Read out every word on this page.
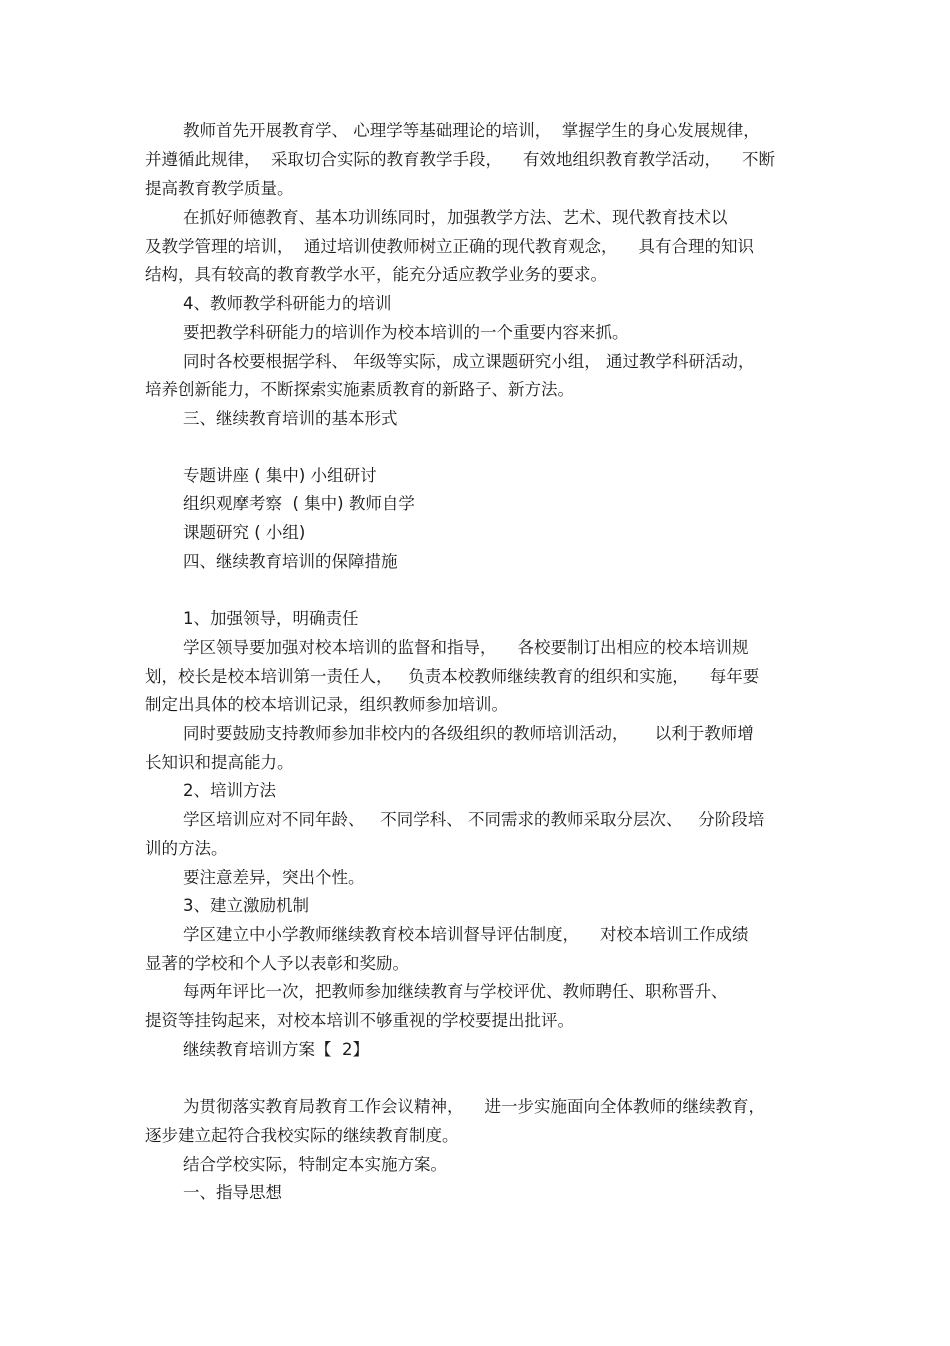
教师首先开展教育学、 心理学等基础理论的培训，  掌握学生的身心发展规律，

并遵循此规律，  采取切合实际的教育教学手段，    有效地组织教育教学活动，    不断

提高教育教学质量。

在抓好师德教育、基本功训练同时，加强教学方法、艺术、现代教育技术以

及教学管理的培训，  通过培训使教师树立正确的现代教育观念，    具有合理的知识

结构，具有较高的教育教学水平，能充分适应教学业务的要求。

4、教师教学科研能力的培训

要把教学科研能力的培训作为校本培训的一个重要内容来抓。

同时各校要根据学科、 年级等实际，成立课题研究小组， 通过教学科研活动，

培养创新能力，不断探索实施素质教育的新路子、新方法。

三、继续教育培训的基本形式

专题讲座 ( 集中) 小组研讨

组织观摩考察  ( 集中) 教师自学

课题研究 ( 小组)

四、继续教育培训的保障措施

1、加强领导，明确责任

学区领导要加强对校本培训的监督和指导，    各校要制订出相应的校本培训规

划，校长是校本培训第一责任人，   负责本校教师继续教育的组织和实施，    每年要

制定出具体的校本培训记录，组织教师参加培训。

同时要鼓励支持教师参加非校内的各级组织的教师培训活动，     以利于教师增

长知识和提高能力。

2、培训方法

学区培训应对不同年龄、   不同学科、 不同需求的教师采取分层次、   分阶段培

训的方法。

要注意差异，突出个性。

3、建立激励机制

学区建立中小学教师继续教育校本培训督导评估制度，    对校本培训工作成绩

显著的学校和个人予以表彰和奖励。

每两年评比一次，把教师参加继续教育与学校评优、教师聘任、职称晋升、

提资等挂钩起来，对校本培训不够重视的学校要提出批评。

继续教育培训方案【  2】

为贯彻落实教育局教育工作会议精神，    进一步实施面向全体教师的继续教育，

逐步建立起符合我校实际的继续教育制度。

结合学校实际，特制定本实施方案。

一、指导思想
